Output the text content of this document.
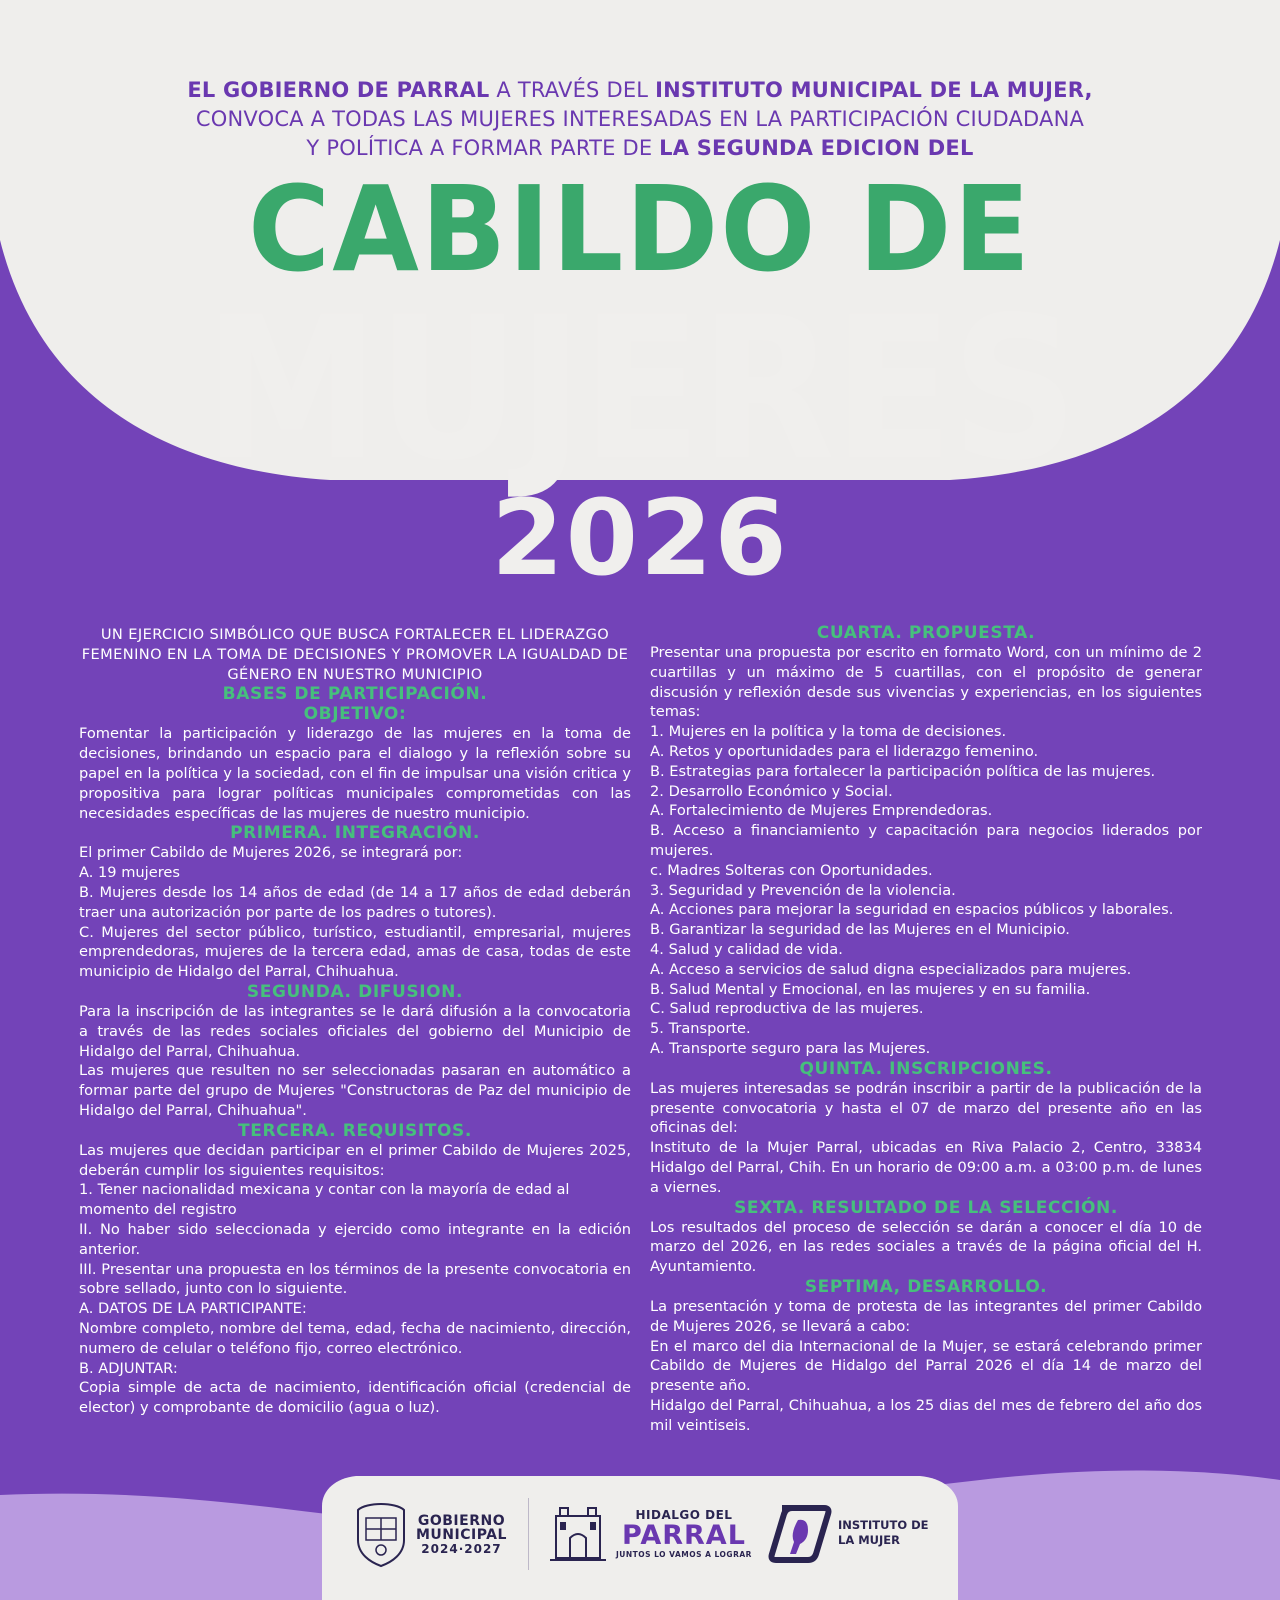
EL GOBIERNO DE PARRAL A TRAVÉS DEL INSTITUTO MUNICIPAL DE LA MUJER,
CONVOCA A TODAS LAS MUJERES INTERESADAS EN LA PARTICIPACIÓN CIUDADANA
Y POLÍTICA A FORMAR PARTE DE LA SEGUNDA EDICION DEL
CABILDO DE
MUJERES
2026

UN EJERCICIO SIMBÓLICO QUE BUSCA FORTALECER EL LIDERAZGO FEMENINO EN LA TOMA DE DECISIONES Y PROMOVER LA IGUALDAD DE GÉNERO EN NUESTRO MUNICIPIO

BASES DE PARTICIPACIÓN.

OBJETIVO:

Fomentar la participación y liderazgo de las mujeres en la toma de decisiones, brindando un espacio para el dialogo y la reflexión sobre su papel en la política y la sociedad, con el fin de impulsar una visión critica y propositiva para lograr políticas municipales comprometidas con las necesidades específicas de las mujeres de nuestro municipio.

PRIMERA. INTEGRACIÓN.

El primer Cabildo de Mujeres 2026, se integrará por:

A. 19 mujeres

B. Mujeres desde los 14 años de edad (de 14 a 17 años de edad deberán traer una autorización por parte de los padres o tutores).

C. Mujeres del sector público, turístico, estudiantil, empresarial, mujeres emprendedoras, mujeres de la tercera edad, amas de casa, todas de este municipio de Hidalgo del Parral, Chihuahua.

SEGUNDA. DIFUSION.

Para la inscripción de las integrantes se le dará difusión a la convocatoria a través de las redes sociales oficiales del gobierno del Municipio de Hidalgo del Parral, Chihuahua.

Las mujeres que resulten no ser seleccionadas pasaran en automático a formar parte del grupo de Mujeres "Constructoras de Paz del municipio de Hidalgo del Parral, Chihuahua".

TERCERA. REQUISITOS.

Las mujeres que decidan participar en el primer Cabildo de Mujeres 2025, deberán cumplir los siguientes requisitos:

1. Tener nacionalidad mexicana y contar con la mayoría de edad al momento del registro

II. No haber sido seleccionada y ejercido como integrante en la edición anterior.

III. Presentar una propuesta en los términos de la presente convocatoria en sobre sellado, junto con lo siguiente.

A. DATOS DE LA PARTICIPANTE:

Nombre completo, nombre del tema, edad, fecha de nacimiento, dirección, numero de celular o teléfono fijo, correo electrónico.

B. ADJUNTAR:

Copia simple de acta de nacimiento, identificación oficial (credencial de elector) y comprobante de domicilio (agua o luz).

CUARTA. PROPUESTA.

Presentar una propuesta por escrito en formato Word, con un mínimo de 2 cuartillas y un máximo de 5 cuartillas, con el propósito de generar discusión y reflexión desde sus vivencias y experiencias, en los siguientes temas:

1. Mujeres en la política y la toma de decisiones.

A. Retos y oportunidades para el liderazgo femenino.

B. Estrategias para fortalecer la participación política de las mujeres.

2. Desarrollo Económico y Social.

A. Fortalecimiento de Mujeres Emprendedoras.

B. Acceso a financiamiento y capacitación para negocios liderados por mujeres.

c. Madres Solteras con Oportunidades.

3. Seguridad y Prevención de la violencia.

A. Acciones para mejorar la seguridad en espacios públicos y laborales.

B. Garantizar la seguridad de las Mujeres en el Municipio.

4. Salud y calidad de vida.

A. Acceso a servicios de salud digna especializados para mujeres.

B. Salud Mental y Emocional, en las mujeres y en su familia.

C. Salud reproductiva de las mujeres.

5. Transporte.

A. Transporte seguro para las Mujeres.

QUINTA. INSCRIPCIONES.

Las mujeres interesadas se podrán inscribir a partir de la publicación de la presente convocatoria y hasta el 07 de marzo del presente año en las oficinas del:

Instituto de la Mujer Parral, ubicadas en Riva Palacio 2, Centro, 33834 Hidalgo del Parral, Chih. En un horario de 09:00 a.m. a 03:00 p.m. de lunes a viernes.

SEXTA. RESULTADO DE LA SELECCIÓN.

Los resultados del proceso de selección se darán a conocer el día 10 de marzo del 2026, en las redes sociales a través de la página oficial del H. Ayuntamiento.

SEPTIMA, DESARROLLO.

La presentación y toma de protesta de las integrantes del primer Cabildo de Mujeres 2026, se llevará a cabo:

En el marco del dia Internacional de la Mujer, se estará celebrando primer Cabildo de Mujeres de Hidalgo del Parral 2026 el día 14 de marzo del presente año.

Hidalgo del Parral, Chihuahua, a los 25 dias del mes de febrero del año dos mil veintiseis.

GOBIERNO
MUNICIPAL
2024·2027
HIDALGO DEL
PARRAL
JUNTOS LO VAMOS A LOGRAR
INSTITUTO DE
LA MUJER
